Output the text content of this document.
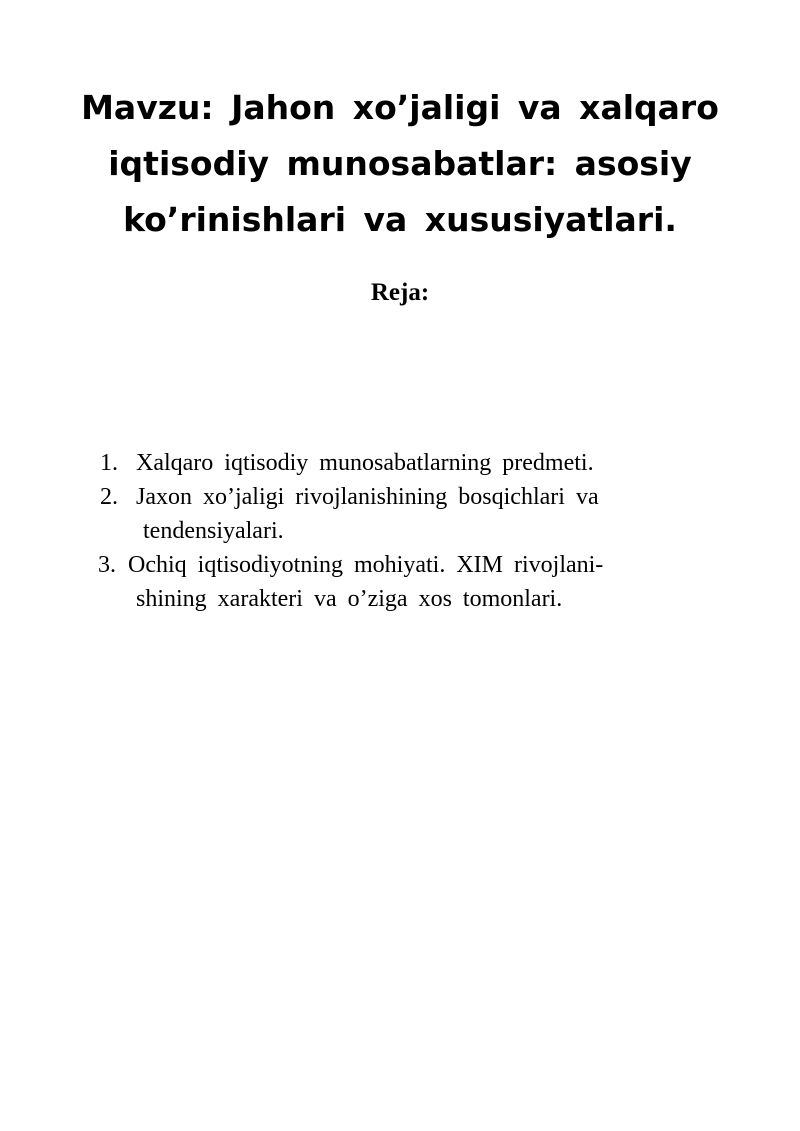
Mavzu: Jahon xo’jaligi va xalqaro
iqtisodiy munosabatlar: asosiy
ko’rinishlari va xususiyatlari.

Reja:

1. Xalqaro iqtisodiy munosabatlarning predmeti.
2. Jaxon xo’jaligi rivojlanishining bosqichlari va
tendensiyalari.
3. Ochiq iqtisodiyotning mohiyati. XIM rivojlani-
shining xarakteri va o’ziga xos tomonlari.
